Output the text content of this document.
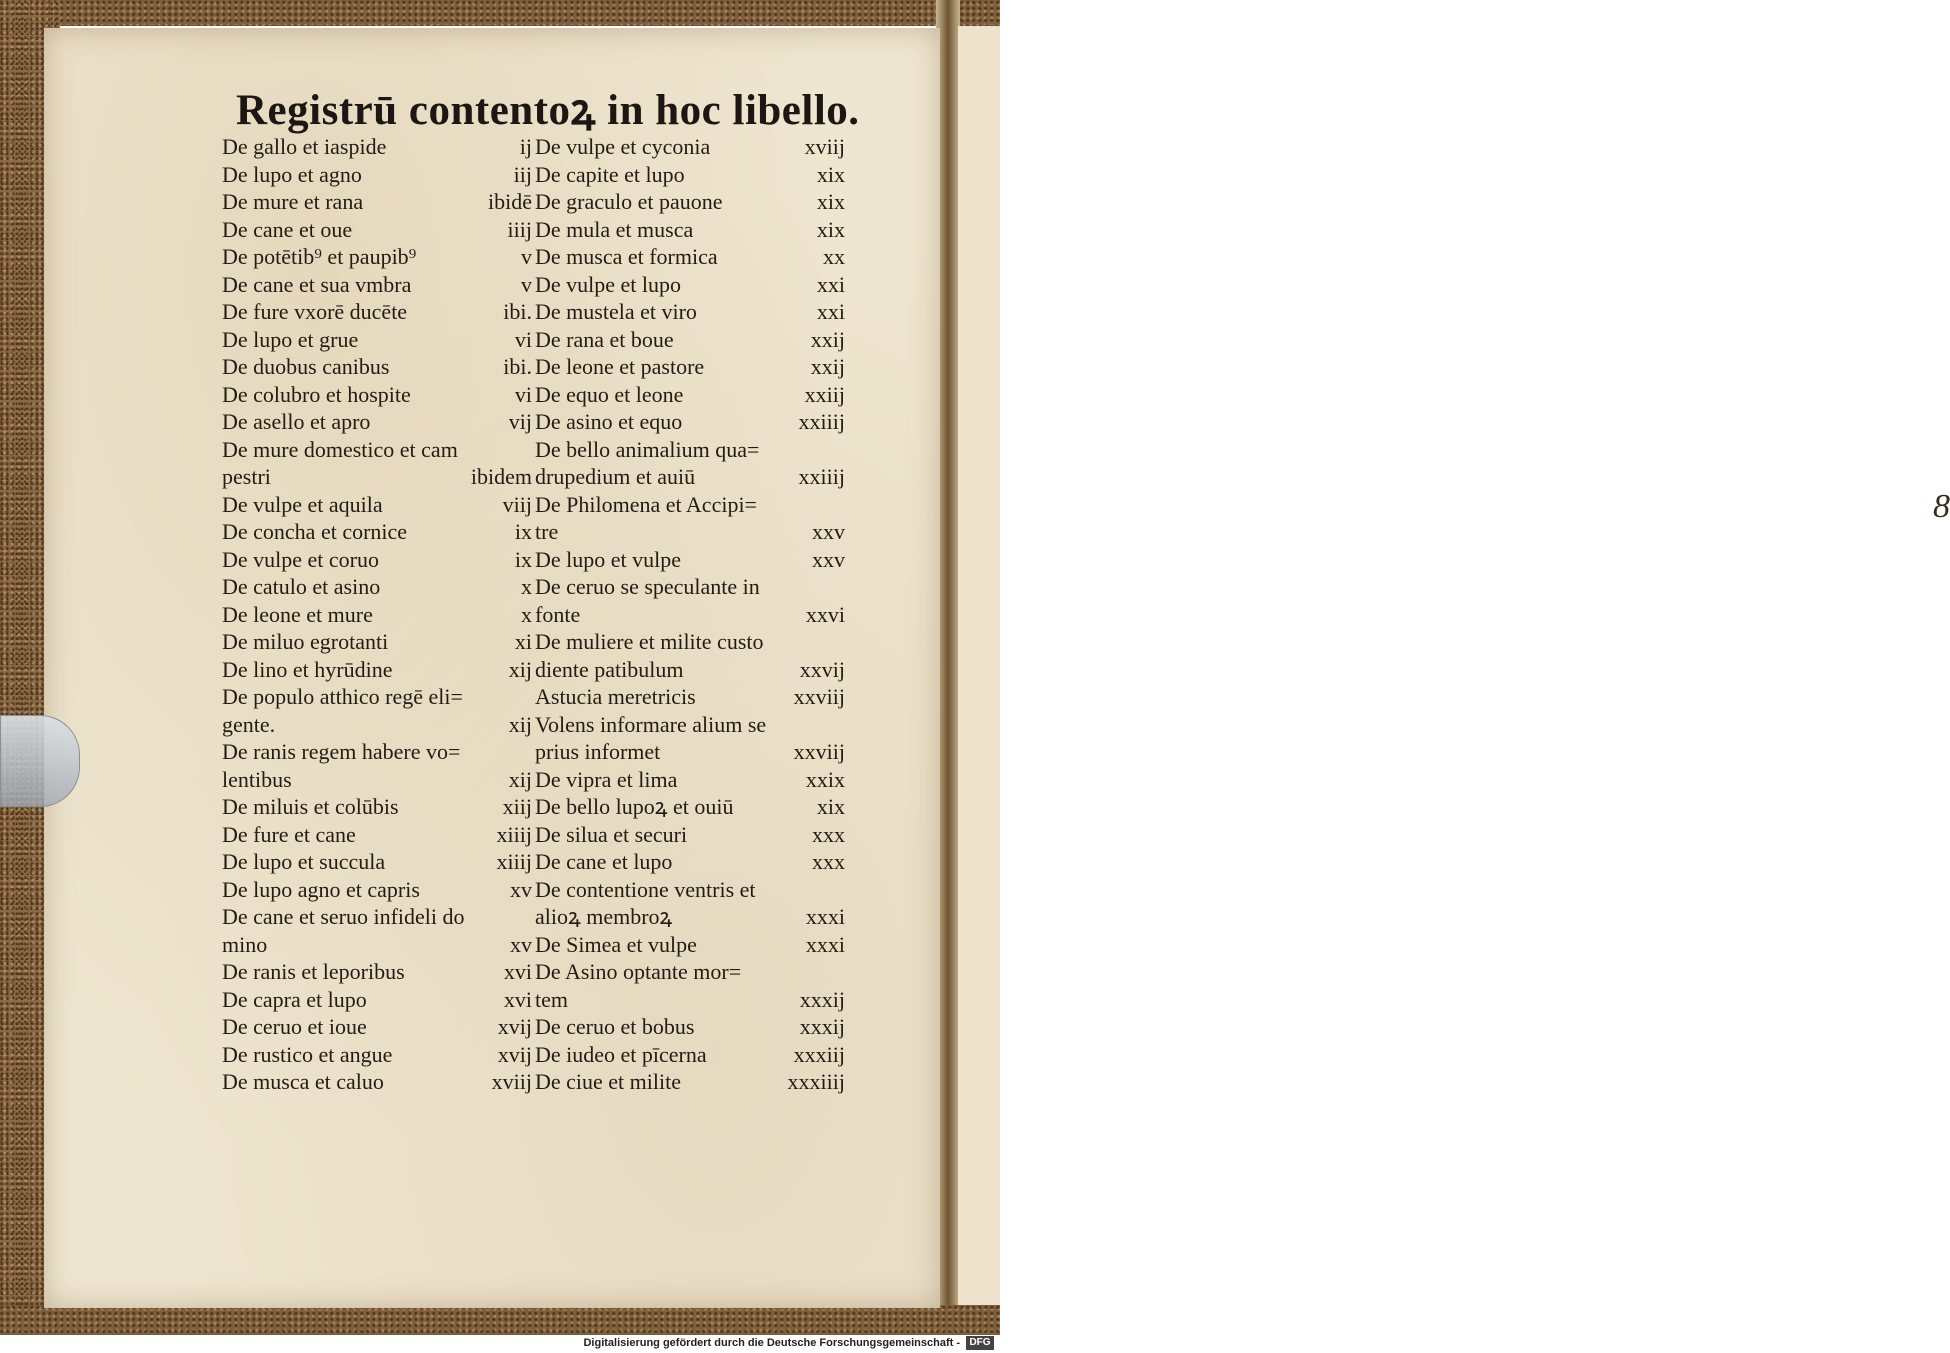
8
Registrū contentoꝝ in hoc libello.
De gallo et iaspide	ij
De lupo et agno	iij
De mure et rana	ibidē
De cane et oue	iiij
De potētib⁹ et paupib⁹	v
De cane et sua vmbra	v
De fure vxorē ducēte	ibi.
De lupo et grue	vi
De duobus canibus	ibi.
De colubro et hospite	vi
De asello et apro	vij
De mure domestico et cam
pestri	ibidem
De vulpe et aquila	viij
De concha et cornice	ix
De vulpe et coruo	ix
De catulo et asino	x
De leone et mure	x
De miluo egrotanti	xi
De lino et hyrūdine	xij
De populo atthico regē eli=
gente.	xij
De ranis regem habere vo=
lentibus	xij
De miluis et colūbis	xiij
De fure et cane	xiiij
De lupo et succula	xiiij
De lupo agno et capris	xv
De cane et seruo infideli do
mino	xv
De ranis et leporibus	xvi
De capra et lupo	xvi
De ceruo et ioue	xvij
De rustico et angue	xvij
De musca et caluo	xviij
De vulpe et cyconia	xviij
De capite et lupo	xix
De graculo et pauone	xix
De mula et musca	xix
De musca et formica	xx
De vulpe et lupo	xxi
De mustela et viro	xxi
De rana et boue	xxij
De leone et pastore	xxij
De equo et leone	xxiij
De asino et equo	xxiiij
De bello animalium qua=
drupedium et auiū	xxiiij
De Philomena et Accipi=
tre	xxv
De lupo et vulpe	xxv
De ceruo se speculante in
fonte	xxvi
De muliere et milite custo
diente patibulum	xxvij
Astucia meretricis	xxviij
Volens informare alium se
prius informet	xxviij
De vipra et lima	xxix
De bello lupoꝝ et ouiū	xix
De silua et securi	xxx
De cane et lupo	xxx
De contentione ventris et
alioꝝ membroꝝ	xxxi
De Simea et vulpe	xxxi
De Asino optante mor=
tem	xxxij
De ceruo et bobus	xxxij
De iudeo et pīcerna	xxxiij
De ciue et milite	xxxiiij
Digitalisierung gefördert durch die Deutsche Forschungsgemeinschaft - DFG
